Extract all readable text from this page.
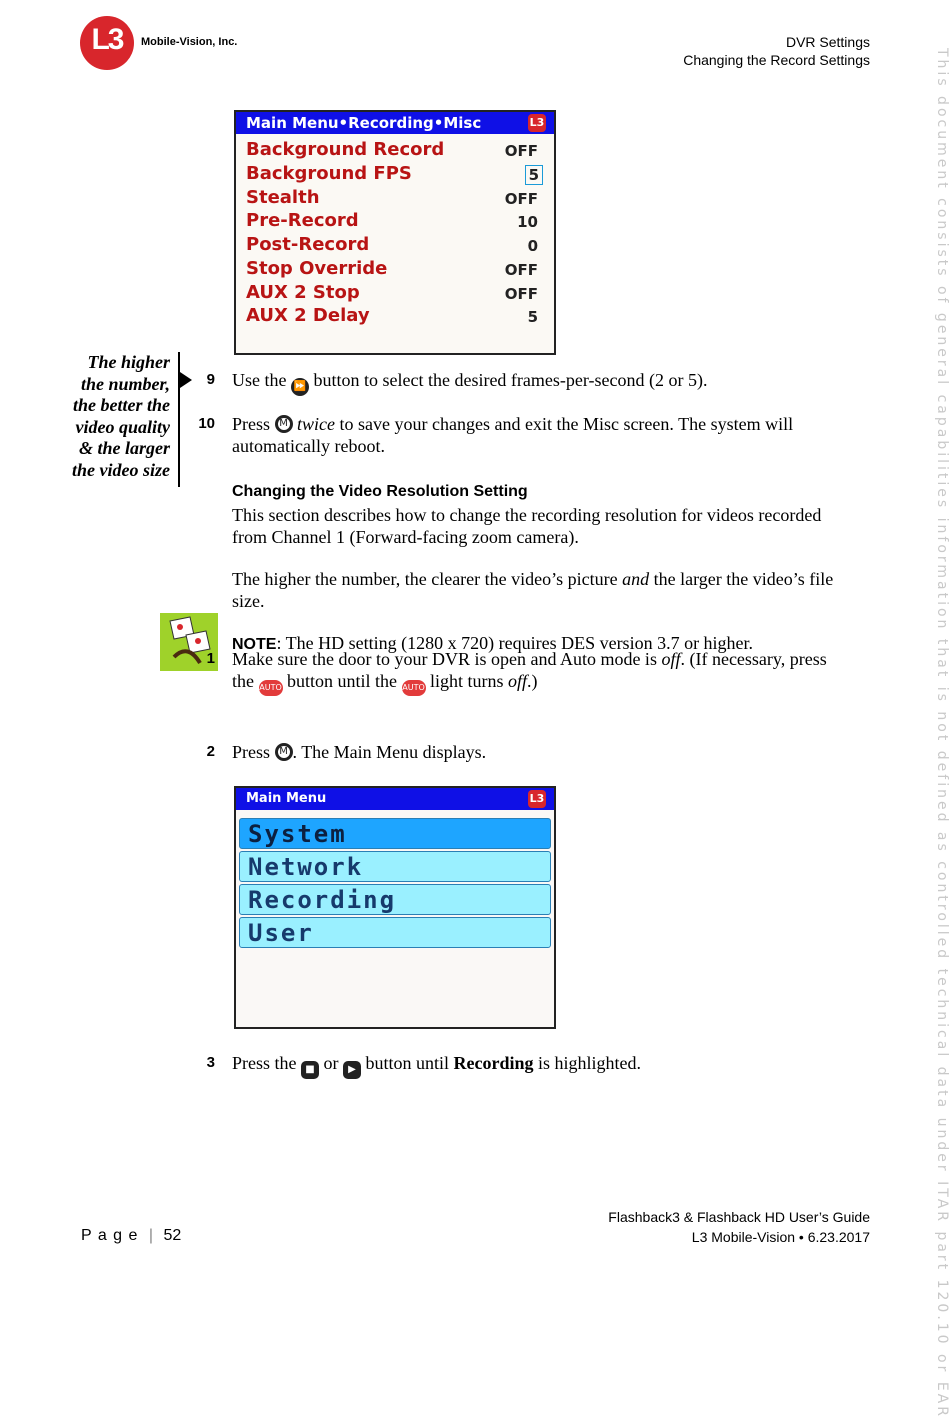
L3	Mobile-Vision, Inc.	DVR Settings
Changing the Record Settings	This document consists of general capabilities information that is not defined as controlled technical data under ITAR part 120.10 or EAR
Main Menu•Recording•Misc	L3
Background Record	OFF
Background FPS	5
Stealth	OFF
Pre-Record	10
Post-Record	0
Stop Override	OFF
AUX 2 Stop	OFF
AUX 2 Delay	5
The higher
the number,
the better the
video quality
& the larger
the video size
9 Use the ⏩ button to select the desired frames-per-second (2 or 5).
10 Press M twice to save your changes and exit the Misc screen. The system will automatically reboot.
Changing the Video Resolution Setting
This section describes how to change the recording resolution for videos recorded from Channel 1 (Forward-facing zoom camera).
The higher the number, the clearer the video’s picture and the larger the video’s file size.
NOTE: The HD setting (1280 x 720) requires DES version 3.7 or higher.
1 Make sure the door to your DVR is open and Auto mode is off. (If necessary, press the AUTO button until the AUTO light turns off.)
2 Press M . The Main Menu displays.
Main Menu	L3
System
Network
Recording
User
3 Press the ■ or ▶ button until Recording is highlighted.
P a g e | 52
Flashback3 & Flashback HD User’s Guide
L3 Mobile-Vision • 6.23.2017
